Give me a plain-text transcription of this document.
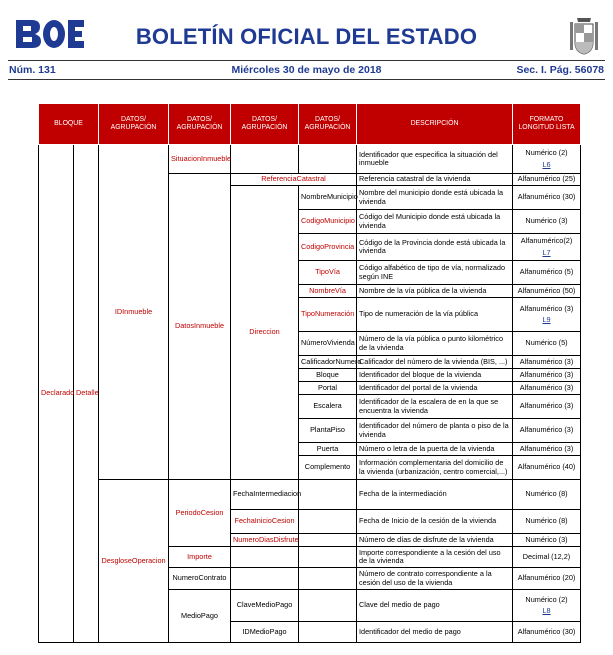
BOLETÍN OFICIAL DEL ESTADO
Núm. 131	Miércoles 30 de mayo de 2018	Sec. I. Pág. 56078
BLOQUE		DATOS/ AGRUPACIÓN	DATOS/ AGRUPACIÓN	DATOS/ AGRUPACIÓN	DATOS/ AGRUPACIÓN	DESCRIPCIÓN	FORMATO LONGITUD LISTA
Declarado	Detalle	IDInmueble	SituacionInmueble			Identificador que especifica la situación del inmueble	Numérico (2)
L6

			DatosInmueble	ReferenciaCatastral		Referencia catastral de la vivienda	Alfanumérico (25)
				Direccion	NombreMunicipio	Nombre del municipio donde está ubicada la vivienda	Alfanumérico (30)
					CodigoMunicipio	Código del Municipio donde está ubicada la vivienda	Numérico (3)
					CodigoProvincia	Código de la Provincia donde está ubicada la vivienda	Alfanumérico(2)
L7

					TipoVía	Código alfabético de tipo de vía, normalizado según INE	Alfanumérico (5)
					NombreVía	Nombre de la vía pública de la vivienda	Alfanumérico (50)
					TipoNumeración	Tipo de numeración de la vía pública	Alfanumérico (3)
L9

					NúmeroVivienda	Número de la vía pública o punto kilométrico de la vivienda	Numérico (5)
					CalificadorNumero	Calificador del número de la vivienda (BIS, ...)	Alfanumérico (3)
					Bloque	Identificador del bloque de la vivienda	Alfanumérico (3)
					Portal	Identificador del portal de la vivienda	Alfanumérico (3)
					Escalera	Identificador de la escalera de en la que se encuentra la vivienda	Alfanumérico (3)
					PlantaPiso	Identificador del número de planta o piso de la vivienda	Alfanumérico (3)
					Puerta	Número o letra de la puerta de la vivienda	Alfanumérico (3)
					Complemento	Información complementaria del domicilio de la vivienda (urbanización, centro comercial,...)	Alfanumérico (40)
		DesgloseOperacion	PeriodoCesion	FechaIntermediacion		Fecha de la intermediación	Numérico (8)
				FechaInicioCesion		Fecha de Inicio de la cesión de la vivienda	Numérico (8)
				NumeroDiasDisfrute		Número de días de disfrute de la vivienda	Numérico (3)
			Importe			Importe correspondiente a la cesión del uso de la vivienda	Decimal (12,2)
			NumeroContrato			Número de contrato correspondiente a la cesión del uso de la vivienda	Alfanumérico (20)
			MedioPago	ClaveMedioPago		Clave del medio de pago	Numérico (2)
L8

				IDMedioPago		Identificador del medio de pago	Alfanumérico (30)
